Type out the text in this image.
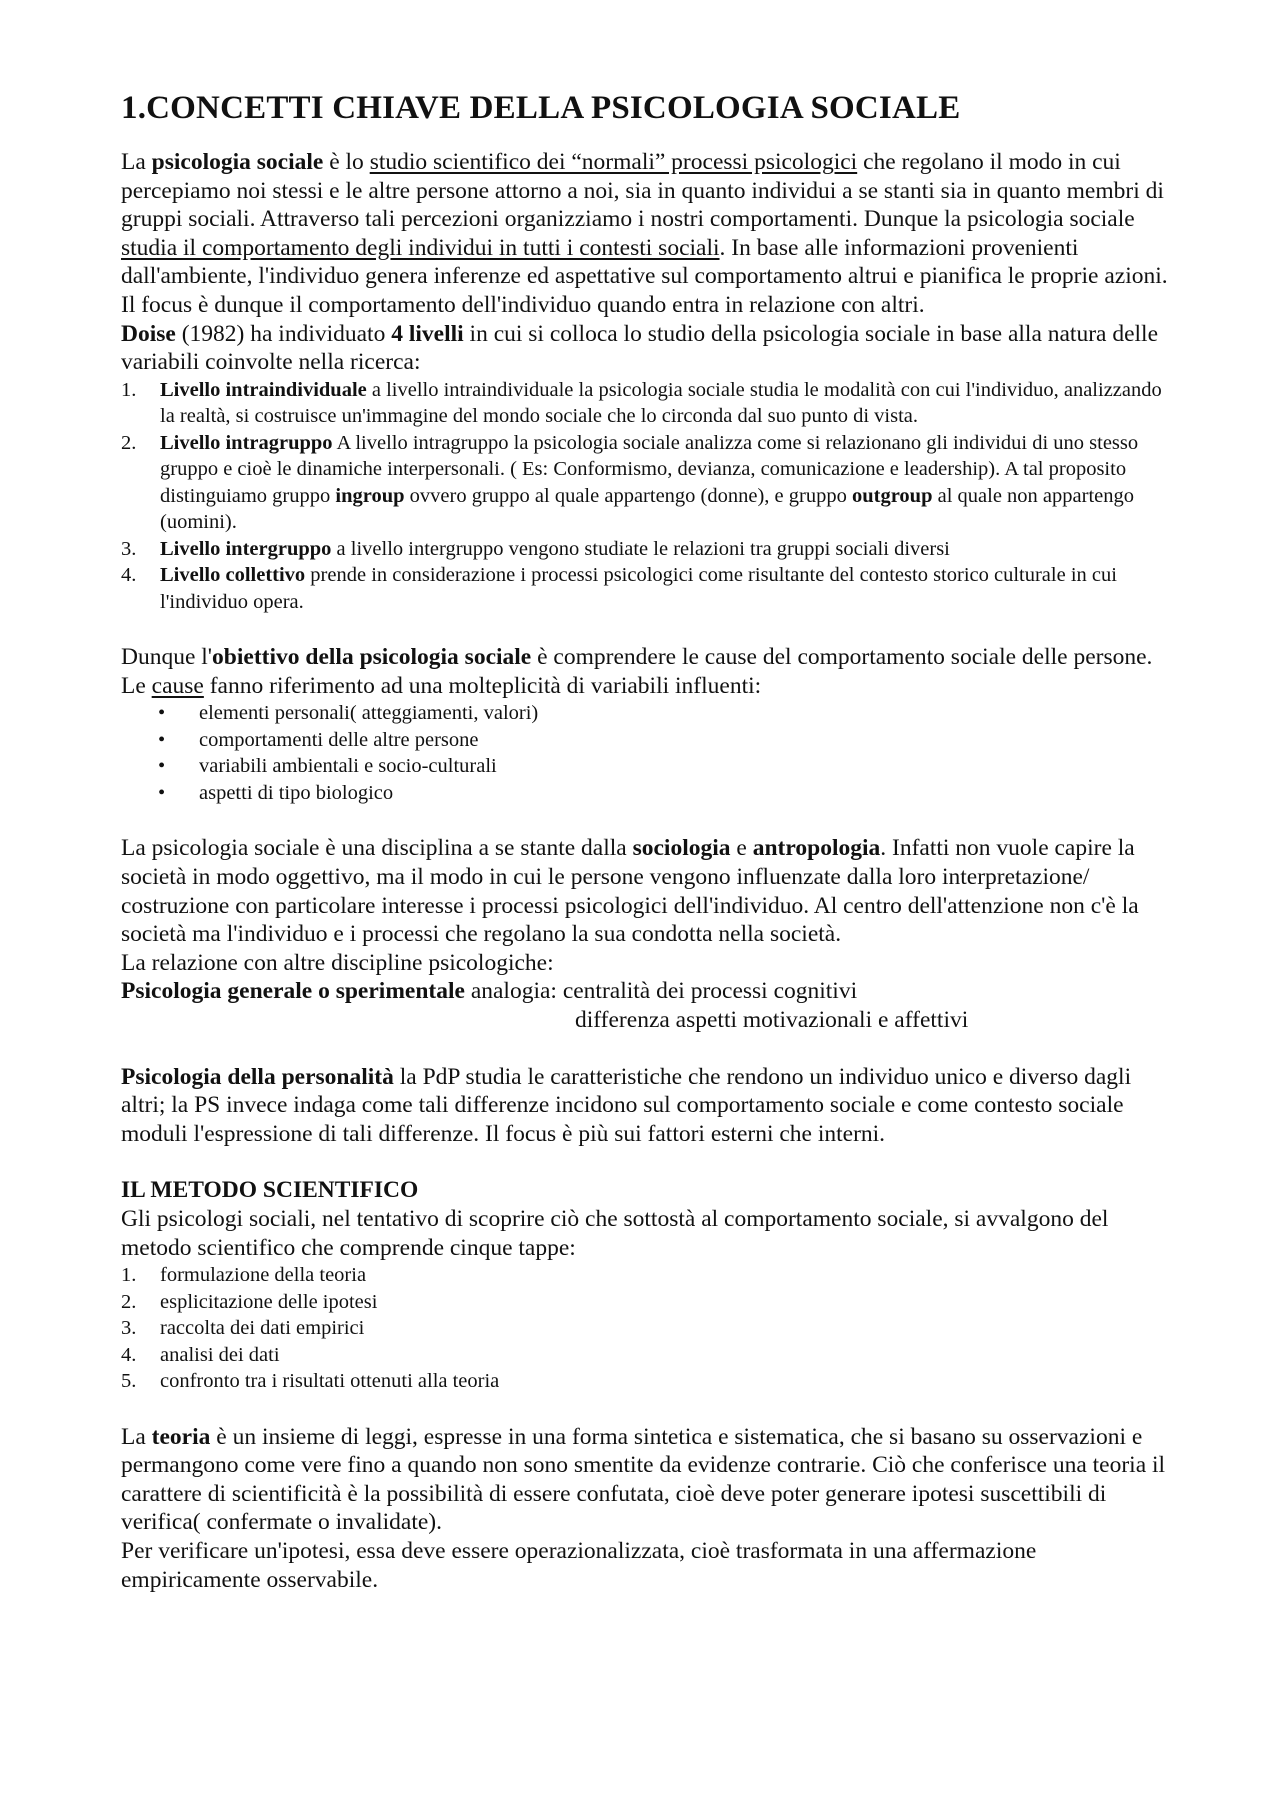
1.CONCETTI CHIAVE DELLA PSICOLOGIA SOCIALE

La psicologia sociale è lo studio scientifico dei “normali” processi psicologici che regolano il modo in cui percepiamo noi stessi e le altre persone attorno a noi, sia in quanto individui a se stanti sia in quanto membri di gruppi sociali. Attraverso tali percezioni organizziamo i nostri comportamenti. Dunque la psicologia sociale studia il comportamento degli individui in tutti i contesti sociali. In base alle informazioni provenienti dall'ambiente, l'individuo genera inferenze ed aspettative sul comportamento altrui e pianifica le proprie azioni. Il focus è dunque il comportamento dell'individuo quando entra in relazione con altri.

Doise (1982) ha individuato 4 livelli in cui si colloca lo studio della psicologia sociale in base alla natura delle variabili coinvolte nella ricerca:

1. Livello intraindividuale a livello intraindividuale la psicologia sociale studia le modalità con cui l'individuo, analizzando la realtà, si costruisce un'immagine del mondo sociale che lo circonda dal suo punto di vista.
2. Livello intragruppo A livello intragruppo la psicologia sociale analizza come si relazionano gli individui di uno stesso gruppo e cioè le dinamiche interpersonali. ( Es: Conformismo, devianza, comunicazione e leadership). A tal proposito distinguiamo gruppo ingroup ovvero gruppo al quale appartengo (donne), e gruppo outgroup al quale non appartengo (uomini).
3. Livello intergruppo a livello intergruppo vengono studiate le relazioni tra gruppi sociali diversi
4. Livello collettivo prende in considerazione i processi psicologici come risultante del contesto storico culturale in cui l'individuo opera.

Dunque l'obiettivo della psicologia sociale è comprendere le cause del comportamento sociale delle persone. Le cause fanno riferimento ad una molteplicità di variabili influenti:

• elementi personali( atteggiamenti, valori)
• comportamenti delle altre persone
• variabili ambientali e socio-culturali
• aspetti di tipo biologico

La psicologia sociale è una disciplina a se stante dalla sociologia e antropologia. Infatti non vuole capire la società in modo oggettivo, ma il modo in cui le persone vengono influenzate dalla loro interpretazione/ costruzione con particolare interesse i processi psicologici dell'individuo. Al centro dell'attenzione non c'è la società ma l'individuo e i processi che regolano la sua condotta nella società.

La relazione con altre discipline psicologiche:

Psicologia generale o sperimentale analogia: centralità dei processi cognitivi

differenza aspetti motivazionali e affettivi

Psicologia della personalità la PdP studia le caratteristiche che rendono un individuo unico e diverso dagli altri; la PS invece indaga come tali differenze incidono sul comportamento sociale e come contesto sociale moduli l'espressione di tali differenze. Il focus è più sui fattori esterni che interni.

IL METODO SCIENTIFICO

Gli psicologi sociali, nel tentativo di scoprire ciò che sottostà al comportamento sociale, si avvalgono del metodo scientifico che comprende cinque tappe:

1. formulazione della teoria
2. esplicitazione delle ipotesi
3. raccolta dei dati empirici
4. analisi dei dati
5. confronto tra i risultati ottenuti alla teoria

La teoria è un insieme di leggi, espresse in una forma sintetica e sistematica, che si basano su osservazioni e permangono come vere fino a quando non sono smentite da evidenze contrarie. Ciò che conferisce una teoria il carattere di scientificità è la possibilità di essere confutata, cioè deve poter generare ipotesi suscettibili di verifica( confermate o invalidate).

Per verificare un'ipotesi, essa deve essere operazionalizzata, cioè trasformata in una affermazione empiricamente osservabile.
